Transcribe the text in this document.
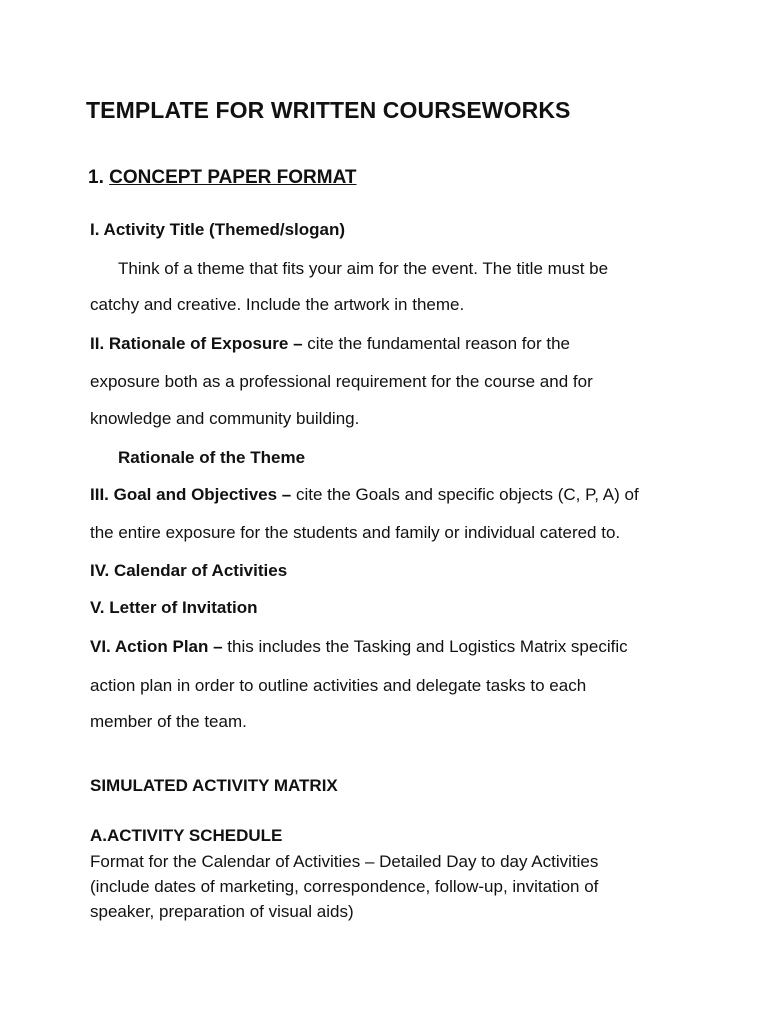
TEMPLATE FOR WRITTEN COURSEWORKS
1. CONCEPT PAPER FORMAT
I. Activity Title (Themed/slogan)
Think of a theme that fits your aim for the event. The title must be
catchy and creative. Include the artwork in theme.
II. Rationale of Exposure – cite the fundamental reason for the
exposure both as a professional requirement for the course and for
knowledge and community building.
Rationale of the Theme
III. Goal and Objectives – cite the Goals and specific objects (C, P, A) of
the entire exposure for the students and family or individual catered to.
IV. Calendar of Activities
V. Letter of Invitation
VI. Action Plan – this includes the Tasking and Logistics Matrix specific
action plan in order to outline activities and delegate tasks to each
member of the team.
SIMULATED ACTIVITY MATRIX
A.ACTIVITY SCHEDULE
Format for the Calendar of Activities – Detailed Day to day Activities
(include dates of marketing, correspondence, follow-up, invitation of
speaker, preparation of visual aids)
